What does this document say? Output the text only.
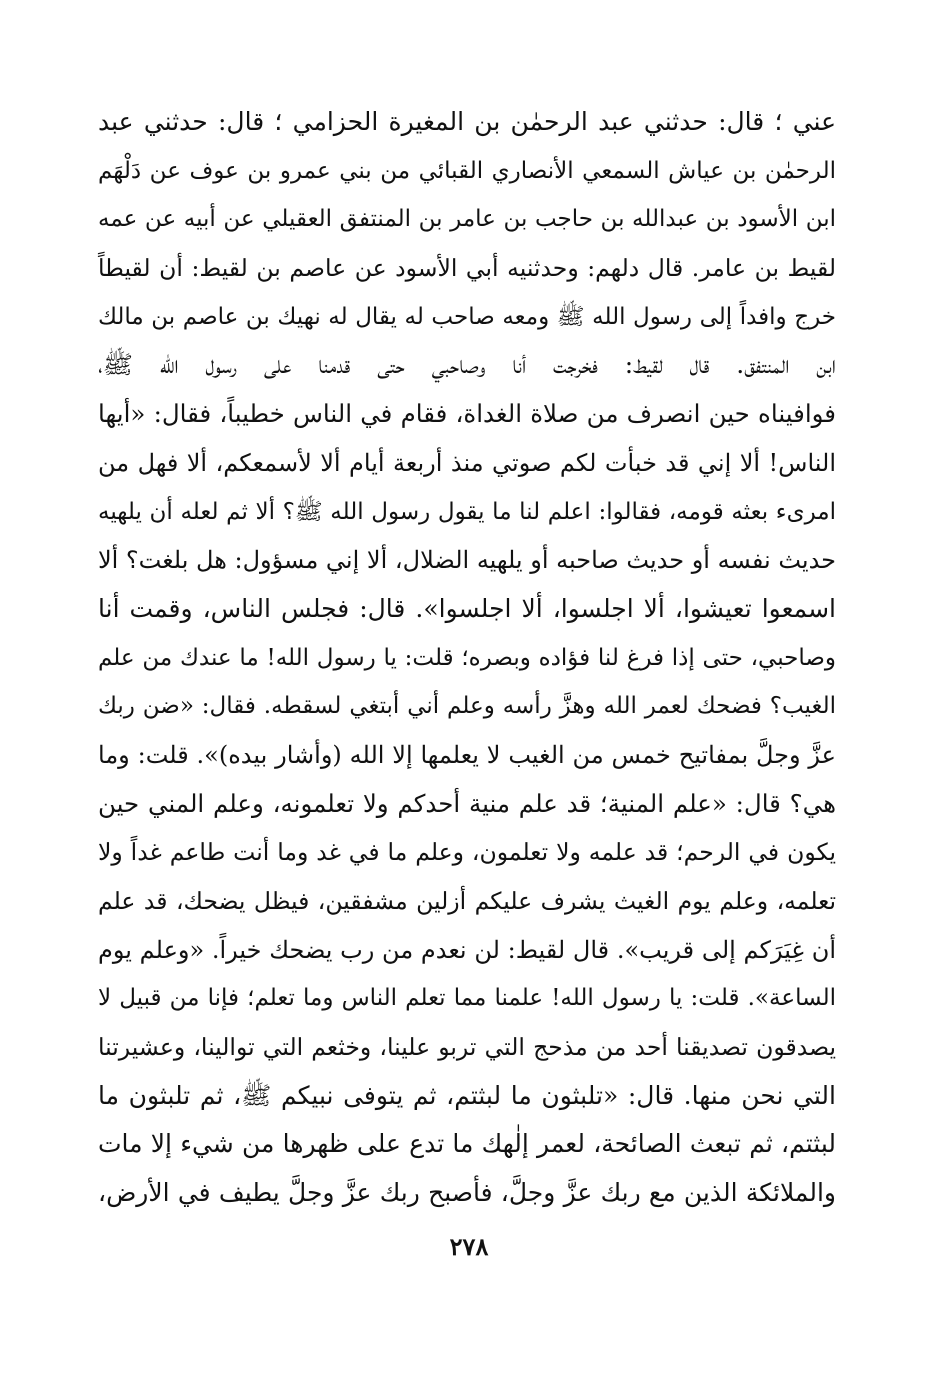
عني ؛ قال: حدثني عبد الرحمٰن بن المغيرة الحزامي ؛ قال: حدثني عبد
الرحمٰن بن عياش السمعي الأنصاري القبائي من بني عمرو بن عوف عن دَلْهَم
ابن الأسود بن عبدالله بن حاجب بن عامر بن المنتفق العقيلي عن أبيه عن عمه
لقيط بن عامر. قال دلهم: وحدثنيه أبي الأسود عن عاصم بن لقيط: أن لقيطاً
خرج وافداً إلى رسول الله ﷺ ومعه صاحب له يقال له نهيك بن عاصم بن مالك
ابن المنتفق. قال لقيط: فخرجت أنا وصاحبي حتى قدمنا على رسول الله ﷺ،
فوافيناه حين انصرف من صلاة الغداة، فقام في الناس خطيباً، فقال: «أيها
الناس! ألا إني قد خبأت لكم صوتي منذ أربعة أيام ألا لأسمعكم، ألا فهل من
امرىء بعثه قومه، فقالوا: اعلم لنا ما يقول رسول الله ﷺ؟ ألا ثم لعله أن يلهيه
حديث نفسه أو حديث صاحبه أو يلهيه الضلال، ألا إني مسؤول: هل بلغت؟ ألا
اسمعوا تعيشوا، ألا اجلسوا، ألا اجلسوا». قال: فجلس الناس، وقمت أنا
وصاحبي، حتى إذا فرغ لنا فؤاده وبصره؛ قلت: يا رسول الله! ما عندك من علم
الغيب؟ فضحك لعمر الله وهزَّ رأسه وعلم أني أبتغي لسقطه. فقال: «ضن ربك
عزَّ وجلَّ بمفاتيح خمس من الغيب لا يعلمها إلا الله (وأشار بيده)». قلت: وما
هي؟ قال: «علم المنية؛ قد علم منية أحدكم ولا تعلمونه، وعلم المني حين
يكون في الرحم؛ قد علمه ولا تعلمون، وعلم ما في غد وما أنت طاعم غداً ولا
تعلمه، وعلم يوم الغيث يشرف عليكم أزلين مشفقين، فيظل يضحك، قد علم
أن غِيَرَكم إلى قريب». قال لقيط: لن نعدم من رب يضحك خيراً. «وعلم يوم
الساعة». قلت: يا رسول الله! علمنا مما تعلم الناس وما تعلم؛ فإنا من قبيل لا
يصدقون تصديقنا أحد من مذحج التي تربو علينا، وخثعم التي توالينا، وعشيرتنا
التي نحن منها. قال: «تلبثون ما لبثتم، ثم يتوفى نبيكم ﷺ، ثم تلبثون ما
لبثتم، ثم تبعث الصائحة، لعمر إلٰهك ما تدع على ظهرها من شيء إلا مات
والملائكة الذين مع ربك عزَّ وجلَّ، فأصبح ربك عزَّ وجلَّ يطيف في الأرض،
٢٧٨
